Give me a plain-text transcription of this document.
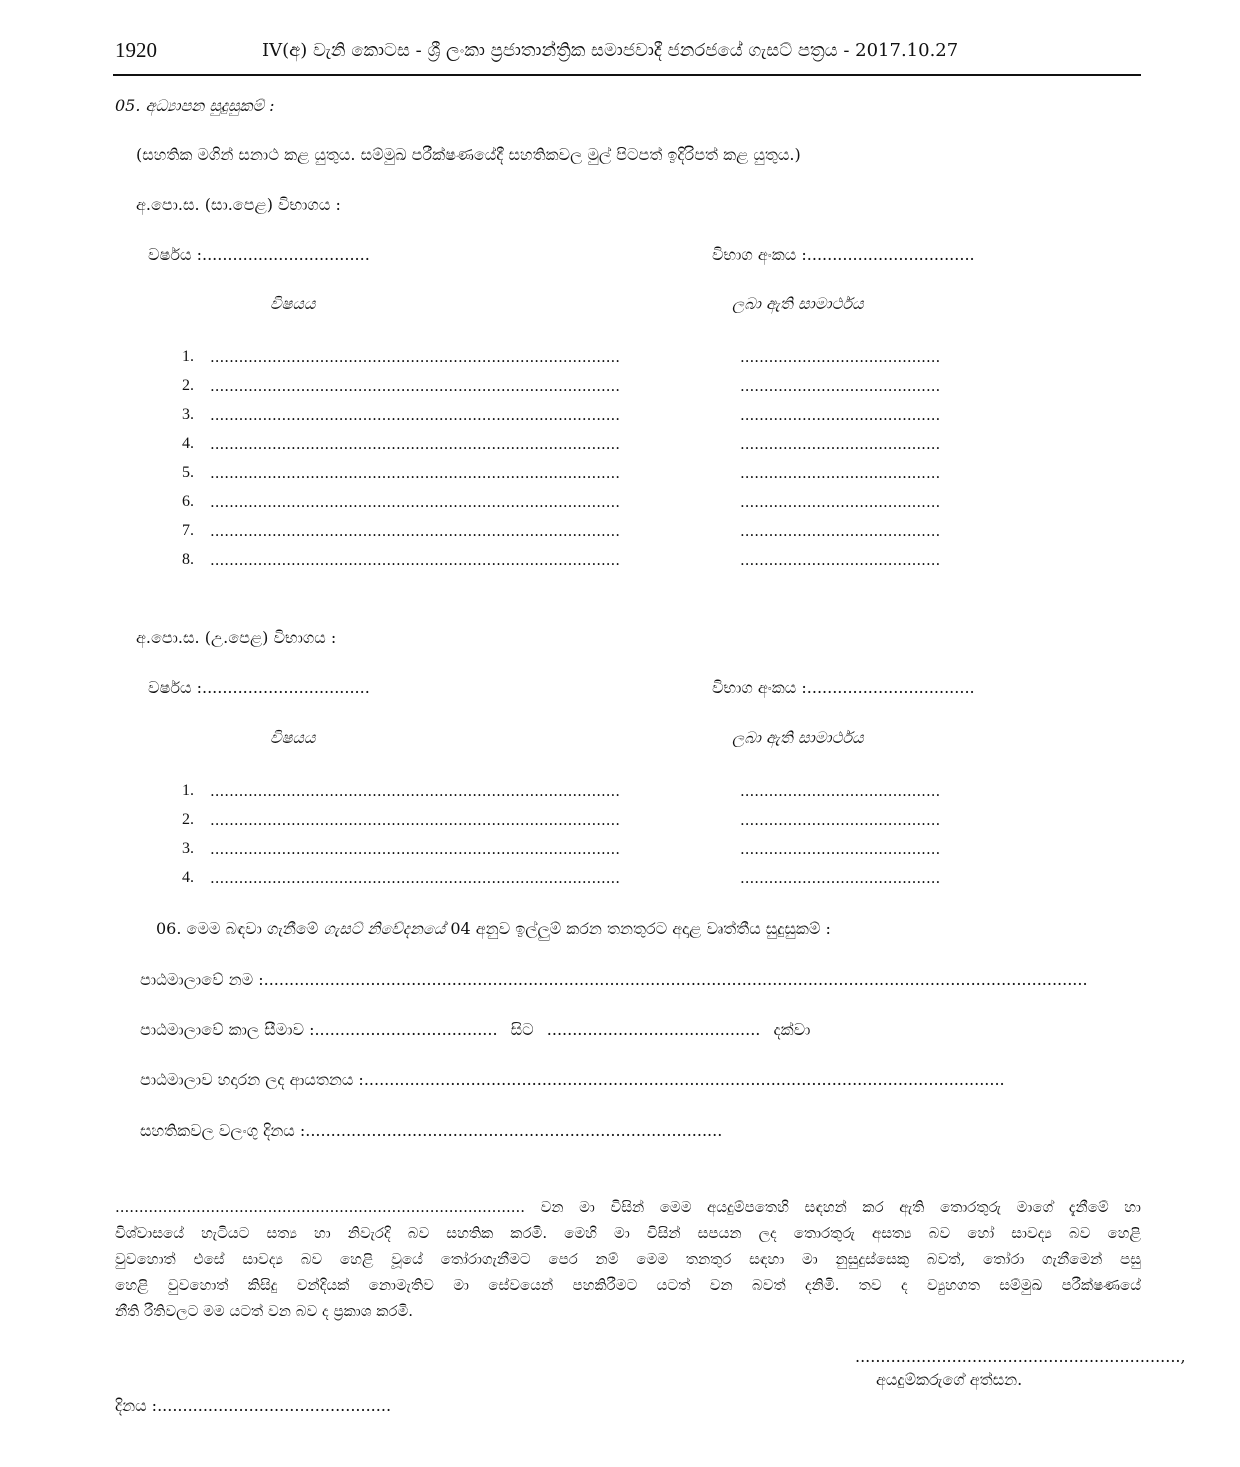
1920	IV(අ) වැනි කොටස - ශ්‍රී ලංකා ප්‍රජාතාන්ත්‍රික සමාජවාදී ජනරජයේ ගැසට් පත්‍රය - 2017.10.27
05. අධ්‍යාපන සුදුසුකම් :
(සහතික මගින් සනාථ කළ යුතුය. සම්මුඛ පරීක්ෂණයේදී සහතිකවල මුල් පිටපත් ඉදිරිපත් කළ යුතුය.)
අ.පො.ස. (සා.පෙළ) විභාගය :
වර්ෂය :.................................	විභාග අංකය :.................................
විෂයය	ලබා ඇති සාමාර්ථය
1. ......................................................................................	..........................................
2. ......................................................................................	..........................................
3. ......................................................................................	..........................................
4. ......................................................................................	..........................................
5. ......................................................................................	..........................................
6. ......................................................................................	..........................................
7. ......................................................................................	..........................................
8. ......................................................................................	..........................................
අ.පො.ස. (උ.පෙළ) විභාගය :
වර්ෂය :.................................	විභාග අංකය :.................................
විෂයය	ලබා ඇති සාමාර්ථය
1. ......................................................................................	..........................................
2. ......................................................................................	..........................................
3. ......................................................................................	..........................................
4. ......................................................................................	..........................................
06. මෙම බඳවා ගැනීමේ ගැසට් නිවේදනයේ 04 අනුව ඉල්ලුම් කරන තනතුරට අදාළ වෘත්තීය සුදුසුකම් :
පාඨමාලාවේ නම :..................................................................................................................................................................
පාඨමාලාවේ කාල සීමාව :.................................... සිට .......................................... දක්වා
පාඨමාලාව හදාරන ලද ආයතනය :..............................................................................................................................
සහතිකවල වලංගු දිනය :..................................................................................
...................................................................................... වන මා විසින් මෙම අයදුම්පතෙහි සඳහන් කර ඇති තොරතුරු මාගේ දැනීමේ හා
විශ්වාසයේ හැටියට සත්‍ය හා නිවැරදි බව සහතික කරමි. මෙහි මා විසින් සපයන ලද තොරතුරු අසත්‍ය බව හෝ සාවද්‍ය බව හෙළි
වුවහොත් එසේ සාවද්‍ය බව හෙළි වූයේ තෝරාගැනීමට පෙර නම් මෙම තනතුර සඳහා මා නුසුදුස්සෙකු බවත්, තෝරා ගැනීමෙන් පසු
හෙළි වුවහොත් කිසිදු වන්දියක් නොමැතිව මා සේවයෙන් පහකිරීමට යටත් වන බවත් දනිමි. තව ද ව්‍යුහගත සම්මුඛ පරීක්ෂණයේ
නීති රීතිවලට මම යටත් වන බව ද ප්‍රකාශ කරමි.
................................................................,
අයදුම්කරුගේ අත්සන.
දිනය :..............................................
